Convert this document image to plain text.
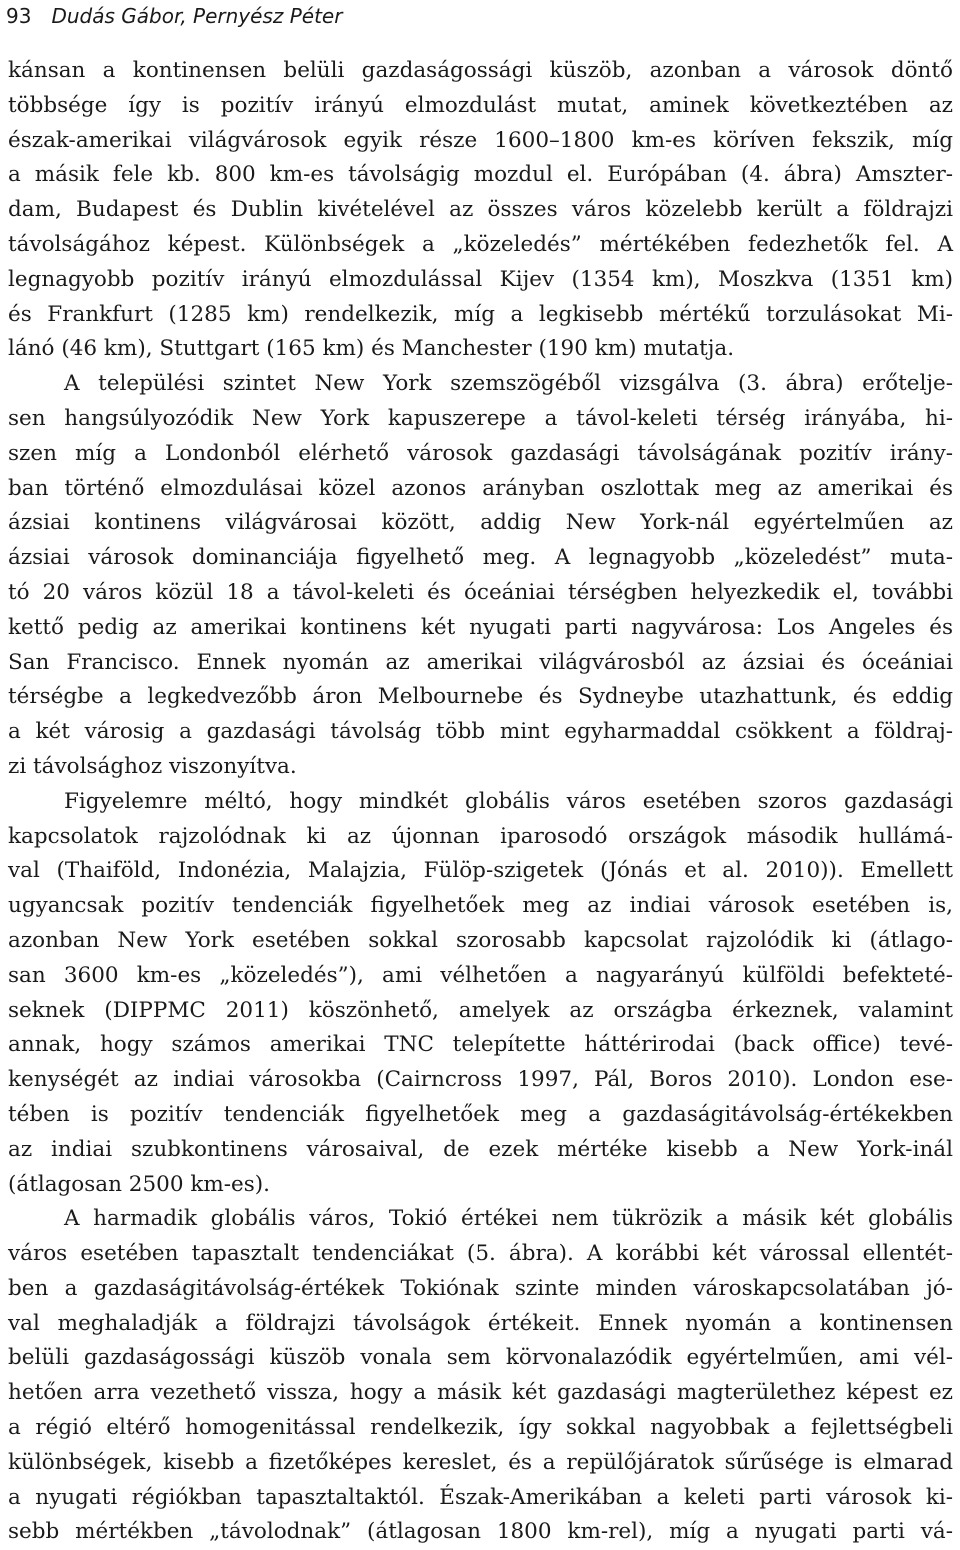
93 Dudás Gábor, Pernyész Péter
kánsan a kontinensen belüli gazdaságossági küszöb, azonban a városok döntő
többsége így is pozitív irányú elmozdulást mutat, aminek következtében az
észak-amerikai világvárosok egyik része 1600–1800 km-es köríven fekszik, míg
a másik fele kb. 800 km-es távolságig mozdul el. Európában (4. ábra) Amszter-
dam, Budapest és Dublin kivételével az összes város közelebb került a földrajzi
távolságához képest. Különbségek a „közeledés” mértékében fedezhetők fel. A
legnagyobb pozitív irányú elmozdulással Kijev (1354 km), Moszkva (1351 km)
és Frankfurt (1285 km) rendelkezik, míg a legkisebb mértékű torzulásokat Mi-
lánó (46 km), Stuttgart (165 km) és Manchester (190 km) mutatja.
A települési szintet New York szemszögéből vizsgálva (3. ábra) erőtelje-
sen hangsúlyozódik New York kapuszerepe a távol-keleti térség irányába, hi-
szen míg a Londonból elérhető városok gazdasági távolságának pozitív irány-
ban történő elmozdulásai közel azonos arányban oszlottak meg az amerikai és
ázsiai kontinens világvárosai között, addig New York-nál egyértelműen az
ázsiai városok dominanciája figyelhető meg. A legnagyobb „közeledést” muta-
tó 20 város közül 18 a távol-keleti és óceániai térségben helyezkedik el, további
kettő pedig az amerikai kontinens két nyugati parti nagyvárosa: Los Angeles és
San Francisco. Ennek nyomán az amerikai világvárosból az ázsiai és óceániai
térségbe a legkedvezőbb áron Melbournebe és Sydneybe utazhattunk, és eddig
a két városig a gazdasági távolság több mint egyharmaddal csökkent a földraj-
zi távolsághoz viszonyítva.
Figyelemre méltó, hogy mindkét globális város esetében szoros gazdasági
kapcsolatok rajzolódnak ki az újonnan iparosodó országok második hullámá-
val (Thaiföld, Indonézia, Malajzia, Fülöp-szigetek (Jónás et al. 2010)). Emellett
ugyancsak pozitív tendenciák figyelhetőek meg az indiai városok esetében is,
azonban New York esetében sokkal szorosabb kapcsolat rajzolódik ki (átlago-
san 3600 km-es „közeledés”), ami vélhetően a nagyarányú külföldi befekteté-
seknek (DIPPMC 2011) köszönhető, amelyek az országba érkeznek, valamint
annak, hogy számos amerikai TNC telepítette háttérirodai (back office) tevé-
kenységét az indiai városokba (Cairncross 1997, Pál, Boros 2010). London ese-
tében is pozitív tendenciák figyelhetőek meg a gazdaságitávolság-értékekben
az indiai szubkontinens városaival, de ezek mértéke kisebb a New York-inál
(átlagosan 2500 km-es).
A harmadik globális város, Tokió értékei nem tükrözik a másik két globális
város esetében tapasztalt tendenciákat (5. ábra). A korábbi két várossal ellentét-
ben a gazdaságitávolság-értékek Tokiónak szinte minden városkapcsolatában jó-
val meghaladják a földrajzi távolságok értékeit. Ennek nyomán a kontinensen
belüli gazdaságossági küszöb vonala sem körvonalazódik egyértelműen, ami vél-
hetően arra vezethető vissza, hogy a másik két gazdasági magterülethez képest ez
a régió eltérő homogenitással rendelkezik, így sokkal nagyobbak a fejlettségbeli
különbségek, kisebb a fizetőképes kereslet, és a repülőjáratok sűrűsége is elmarad
a nyugati régiókban tapasztaltaktól. Észak-Amerikában a keleti parti városok ki-
sebb mértékben „távolodnak” (átlagosan 1800 km-rel), míg a nyugati parti vá-
